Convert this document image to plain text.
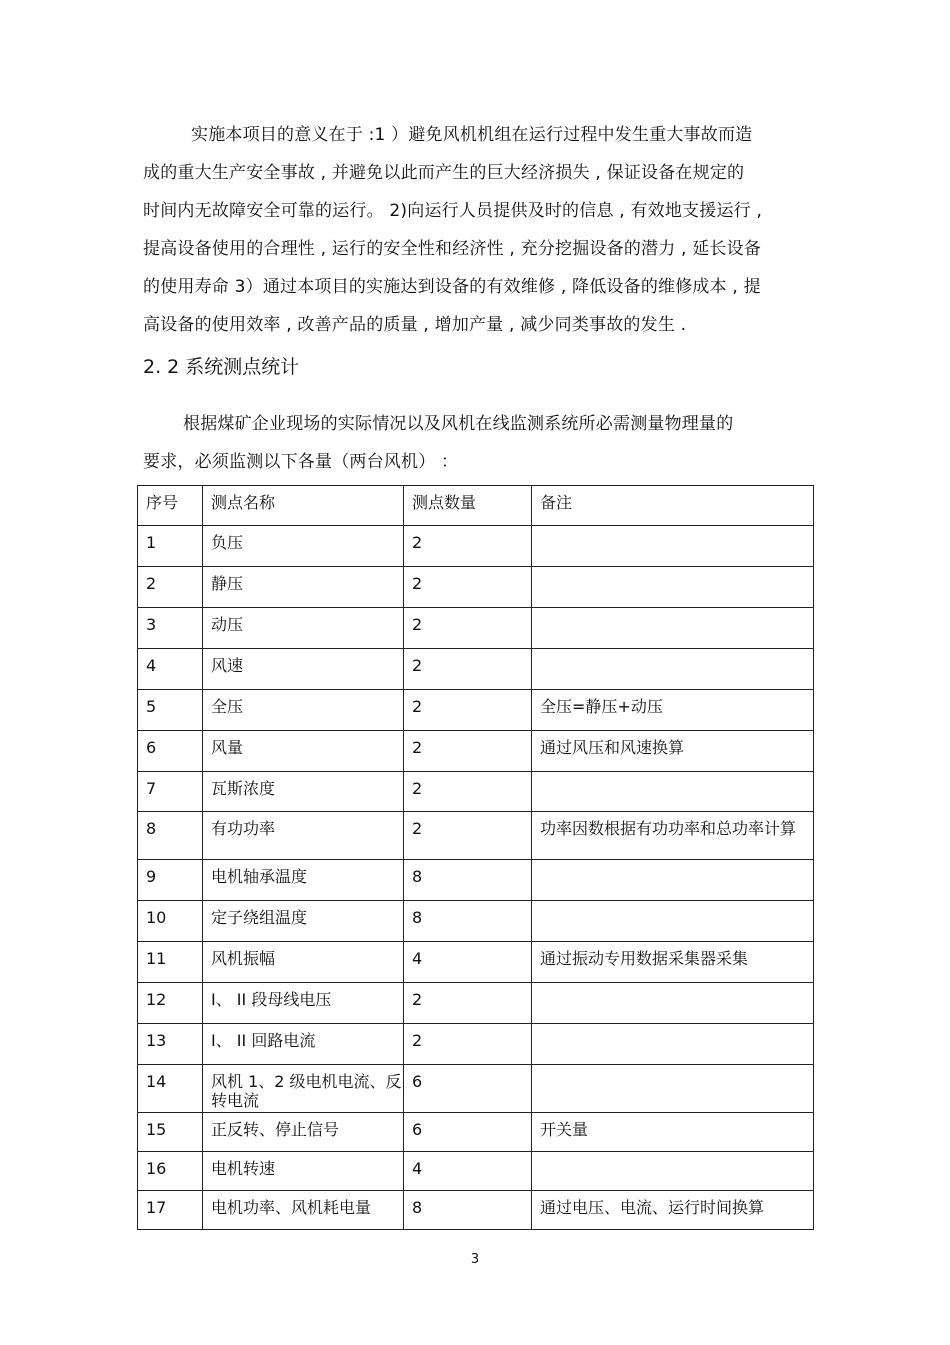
实施本项目的意义在于 :1 ）避免风机机组在运行过程中发生重大事故而造
成的重大生产安全事故 , 并避免以此而产生的巨大经济损失 , 保证设备在规定的
时间内无故障安全可靠的运行。 2)向运行人员提供及时的信息 , 有效地支援运行 ,
提高设备使用的合理性 , 运行的安全性和经济性 , 充分挖掘设备的潜力 , 延长设备
的使用寿命 3）通过本项目的实施达到设备的有效维修 , 降低设备的维修成本 , 提
高设备的使用效率 , 改善产品的质量 , 增加产量 , 减少同类事故的发生 .
2. 2 系统测点统计
根据煤矿企业现场的实际情况以及风机在线监测系统所必需测量物理量的
要求，必须监测以下各量（两台风机） ：
序号	测点名称	测点数量	备注
1	负压	2	
2	静压	2	
3	动压	2	
4	风速	2	
5	全压	2	全压=静压+动压
6	风量	2	通过风压和风速换算
7	瓦斯浓度	2	
8	有功功率	2	功率因数根据有功功率和总功率计算
9	电机轴承温度	8	
10	定子绕组温度	8	
11	风机振幅	4	通过振动专用数据采集器采集
12	I、 II 段母线电压	2	
13	I、 II 回路电流	2	
14	风机 1、2 级电机电流、反转电流	6	
15	正反转、停止信号	6	开关量
16	电机转速	4	
17	电机功率、风机耗电量	8	通过电压、电流、运行时间换算
3
